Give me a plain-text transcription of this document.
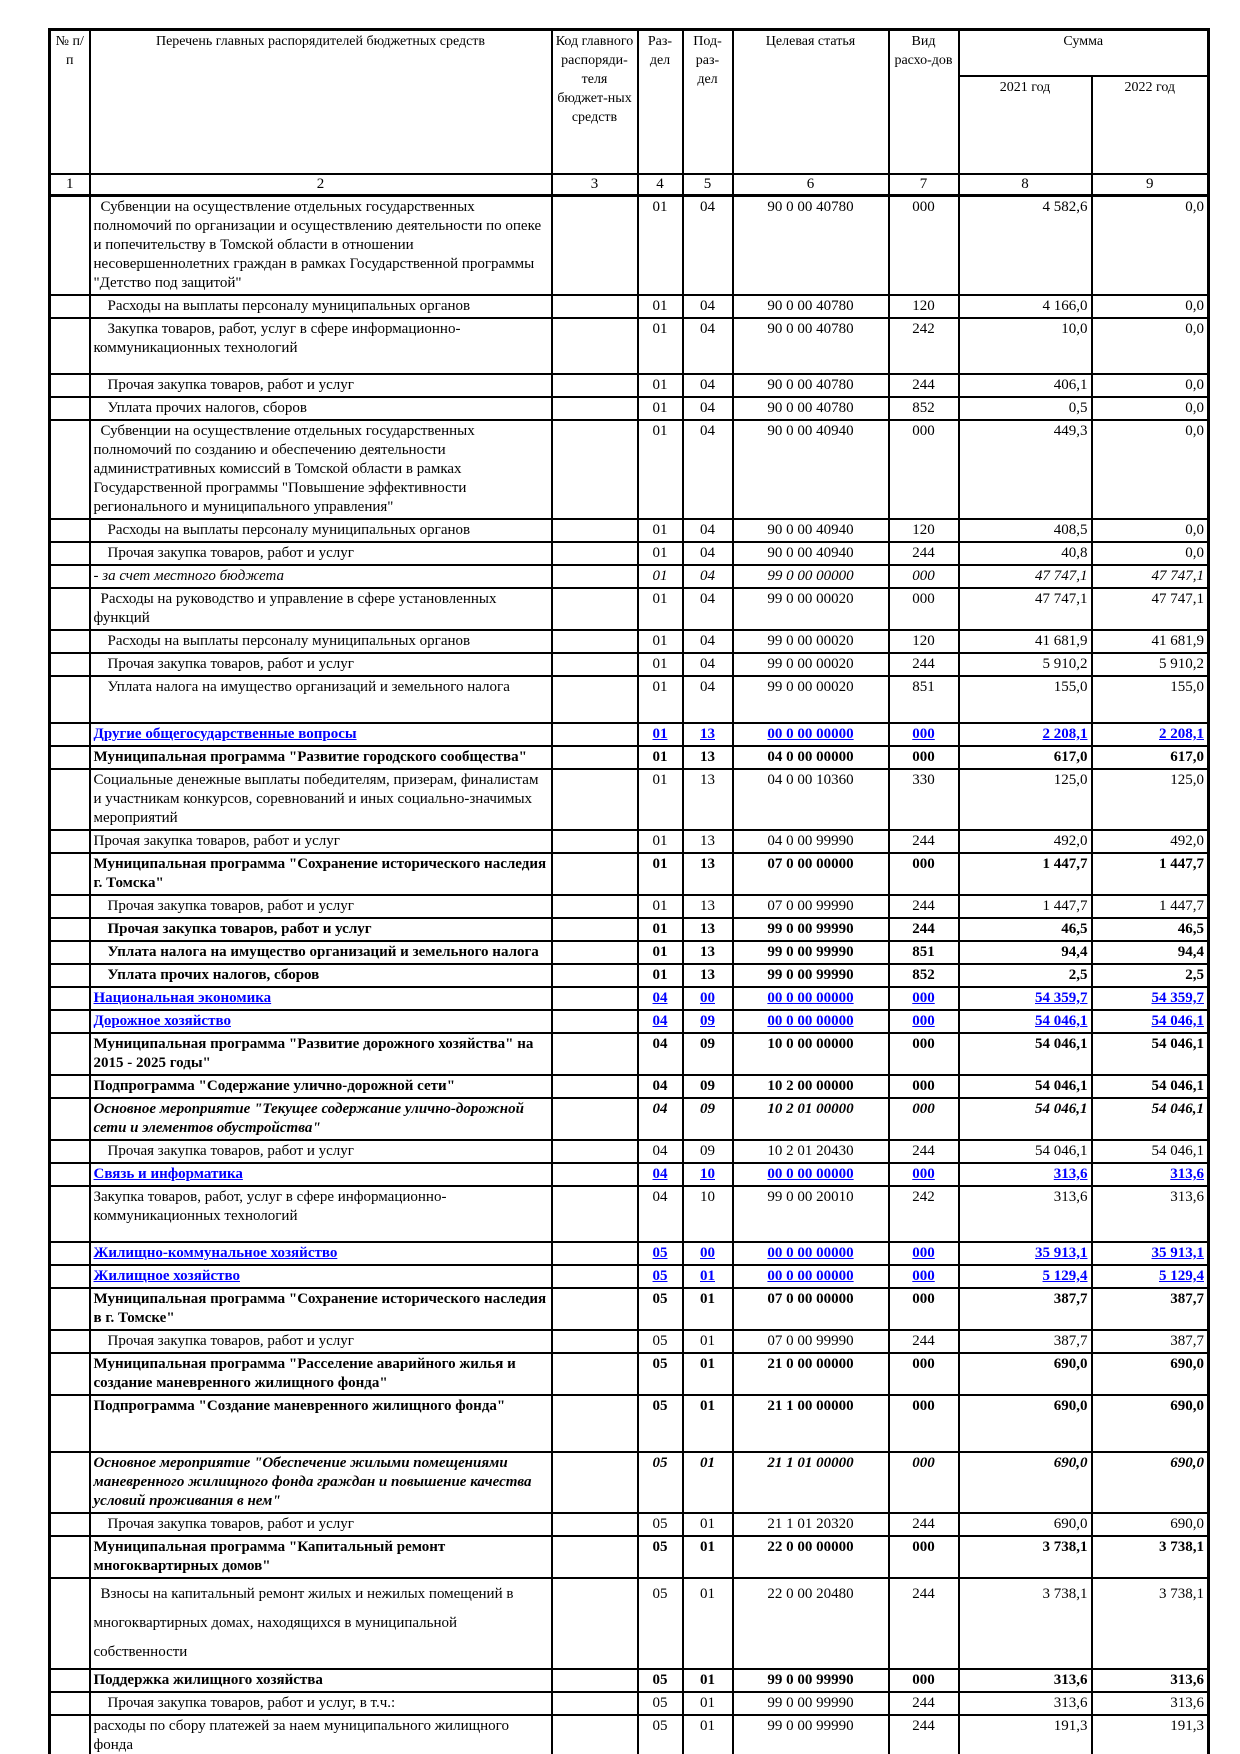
№ п/п	Перечень главных распорядителей бюджетных средств	Код главного распоряди-теля бюджет-ных средств	Раз-дел	Под-раз-дел	Целевая статья	Вид расхо-дов	Сумма	
							2021 год	2022 год
1	2	3	4	5	6	7	8	9
	Субвенции на осуществление отдельных государственных полномочий по организации и осуществлению деятельности по опеке и попечительству в Томской области в отношении несовершеннолетних граждан в рамках Государственной программы "Детство под защитой"		01	04	90 0 00 40780	000	4 582,6	0,0
	Расходы на выплаты персоналу муниципальных органов		01	04	90 0 00 40780	120	4 166,0	0,0
	Закупка товаров, работ, услуг в сфере информационно-коммуникационных технологий		01	04	90 0 00 40780	242	10,0	0,0
	Прочая закупка товаров, работ и услуг		01	04	90 0 00 40780	244	406,1	0,0
	Уплата прочих налогов, сборов		01	04	90 0 00 40780	852	0,5	0,0
	Субвенции на осуществление отдельных государственных полномочий по созданию и обеспечению деятельности административных комиссий в Томской области в рамках Государственной программы "Повышение эффективности регионального и муниципального управления"		01	04	90 0 00 40940	000	449,3	0,0
	Расходы на выплаты персоналу муниципальных органов		01	04	90 0 00 40940	120	408,5	0,0
	Прочая закупка товаров, работ и услуг		01	04	90 0 00 40940	244	40,8	0,0
	- за счет местного бюджета		01	04	99 0 00 00000	000	47 747,1	47 747,1
	Расходы на руководство и управление в сфере установленных функций		01	04	99 0 00 00020	000	47 747,1	47 747,1
	Расходы на выплаты персоналу муниципальных органов		01	04	99 0 00 00020	120	41 681,9	41 681,9
	Прочая закупка товаров, работ и услуг		01	04	99 0 00 00020	244	5 910,2	5 910,2
	Уплата налога на имущество организаций и земельного налога		01	04	99 0 00 00020	851	155,0	155,0
	Другие общегосударственные вопросы		01	13	00 0 00 00000	000	2 208,1	2 208,1
	Муниципальная программа "Развитие городского сообщества"		01	13	04 0 00 00000	000	617,0	617,0
	Социальные денежные выплаты победителям, призерам, финалистам и участникам конкурсов, соревнований и иных социально-значимых мероприятий		01	13	04 0 00 10360	330	125,0	125,0
	Прочая закупка товаров, работ и услуг		01	13	04 0 00 99990	244	492,0	492,0
	Муниципальная программа "Сохранение исторического наследия г. Томска"		01	13	07 0 00 00000	000	1 447,7	1 447,7
	Прочая закупка товаров, работ и услуг		01	13	07 0 00 99990	244	1 447,7	1 447,7
	Прочая закупка товаров, работ и услуг		01	13	99 0 00 99990	244	46,5	46,5
	Уплата налога на имущество организаций и земельного налога		01	13	99 0 00 99990	851	94,4	94,4
	Уплата прочих налогов, сборов		01	13	99 0 00 99990	852	2,5	2,5
	Национальная экономика		04	00	00 0 00 00000	000	54 359,7	54 359,7
	Дорожное хозяйство		04	09	00 0 00 00000	000	54 046,1	54 046,1
	Муниципальная программа "Развитие дорожного хозяйства" на 2015 - 2025 годы"		04	09	10 0 00 00000	000	54 046,1	54 046,1
	Подпрограмма "Содержание улично-дорожной сети"		04	09	10 2 00 00000	000	54 046,1	54 046,1
	Основное мероприятие "Текущее содержание улично-дорожной сети и элементов обустройства"		04	09	10 2 01 00000	000	54 046,1	54 046,1
	Прочая закупка товаров, работ и услуг		04	09	10 2 01 20430	244	54 046,1	54 046,1
	Связь и информатика		04	10	00 0 00 00000	000	313,6	313,6
	Закупка товаров, работ, услуг в сфере информационно-коммуникационных технологий		04	10	99 0 00 20010	242	313,6	313,6
	Жилищно-коммунальное хозяйство		05	00	00 0 00 00000	000	35 913,1	35 913,1
	Жилищное хозяйство		05	01	00 0 00 00000	000	5 129,4	5 129,4
	Муниципальная программа "Сохранение исторического наследия в г. Томске"		05	01	07 0 00 00000	000	387,7	387,7
	Прочая закупка товаров, работ и услуг		05	01	07 0 00 99990	244	387,7	387,7
	Муниципальная программа "Расселение аварийного жилья и создание маневренного жилищного фонда"		05	01	21 0 00 00000	000	690,0	690,0
	Подпрограмма "Создание маневренного жилищного фонда"		05	01	21 1 00 00000	000	690,0	690,0
	Основное мероприятие "Обеспечение жилыми помещениями маневренного жилищного фонда граждан и повышение качества условий проживания в нем"		05	01	21 1 01 00000	000	690,0	690,0
	Прочая закупка товаров, работ и услуг		05	01	21 1 01 20320	244	690,0	690,0
	Муниципальная программа "Капитальный ремонт многоквартирных домов"		05	01	22 0 00 00000	000	3 738,1	3 738,1
	Взносы на капитальный ремонт жилых и нежилых помещений в многоквартирных домах, находящихся в муниципальной собственности		05	01	22 0 00 20480	244	3 738,1	3 738,1
	Поддержка жилищного хозяйства		05	01	99 0 00 99990	000	313,6	313,6
	Прочая закупка товаров, работ и услуг, в т.ч.:		05	01	99 0 00 99990	244	313,6	313,6
	расходы по сбору платежей за наем муниципального жилищного фонда		05	01	99 0 00 99990	244	191,3	191,3
